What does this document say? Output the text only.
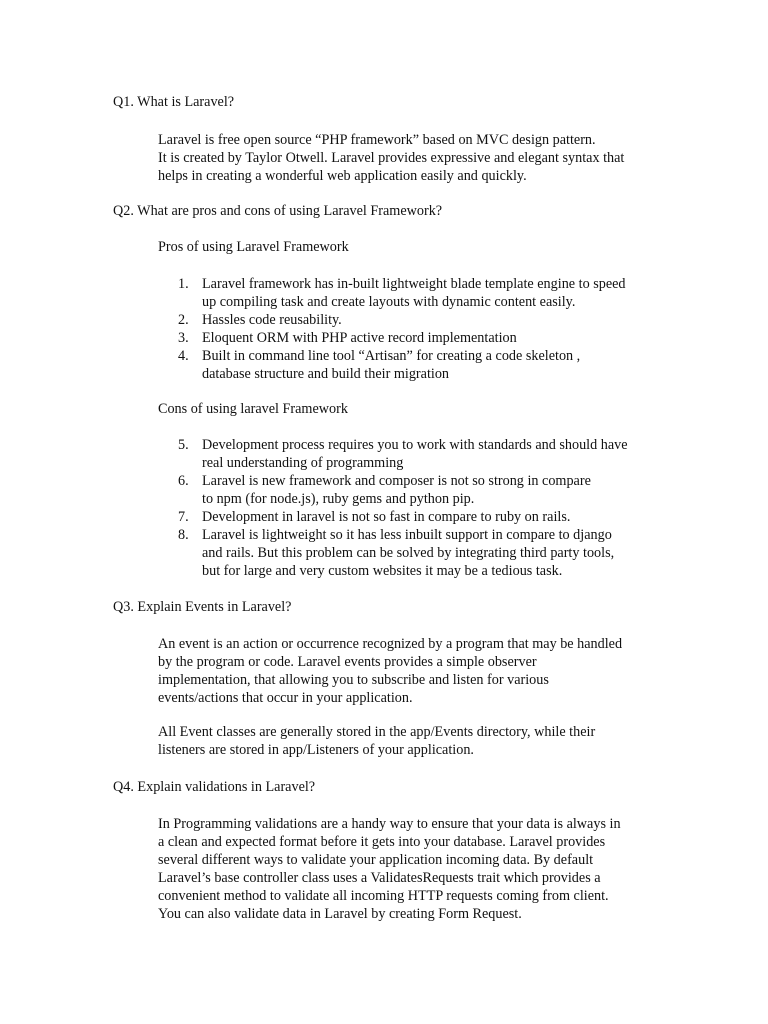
Q1. What is Laravel?
Laravel is free open source “PHP framework” based on MVC design pattern.
It is created by Taylor Otwell. Laravel provides expressive and elegant syntax that
helps in creating a wonderful web application easily and quickly.
Q2. What are pros and cons of using Laravel Framework?
Pros of using Laravel Framework
1. Laravel framework has in-built lightweight blade template engine to speed
up compiling task and create layouts with dynamic content easily.
2. Hassles code reusability.
3. Eloquent ORM with PHP active record implementation
4. Built in command line tool “Artisan” for creating a code skeleton ,
database structure and build their migration
Cons of using laravel Framework
5. Development process requires you to work with standards and should have
real understanding of programming
6. Laravel is new framework and composer is not so strong in compare
to npm (for node.js), ruby gems and python pip.
7. Development in laravel is not so fast in compare to ruby on rails.
8. Laravel is lightweight so it has less inbuilt support in compare to django
and rails. But this problem can be solved by integrating third party tools,
but for large and very custom websites it may be a tedious task.
Q3. Explain Events in Laravel?
An event is an action or occurrence recognized by a program that may be handled
by the program or code. Laravel events provides a simple observer
implementation, that allowing you to subscribe and listen for various
events/actions that occur in your application.
All Event classes are generally stored in the app/Events directory, while their
listeners are stored in app/Listeners of your application.
Q4. Explain validations in Laravel?
In Programming validations are a handy way to ensure that your data is always in
a clean and expected format before it gets into your database. Laravel provides
several different ways to validate your application incoming data. By default
Laravel’s base controller class uses a ValidatesRequests trait which provides a
convenient method to validate all incoming HTTP requests coming from client.
You can also validate data in Laravel by creating Form Request.
